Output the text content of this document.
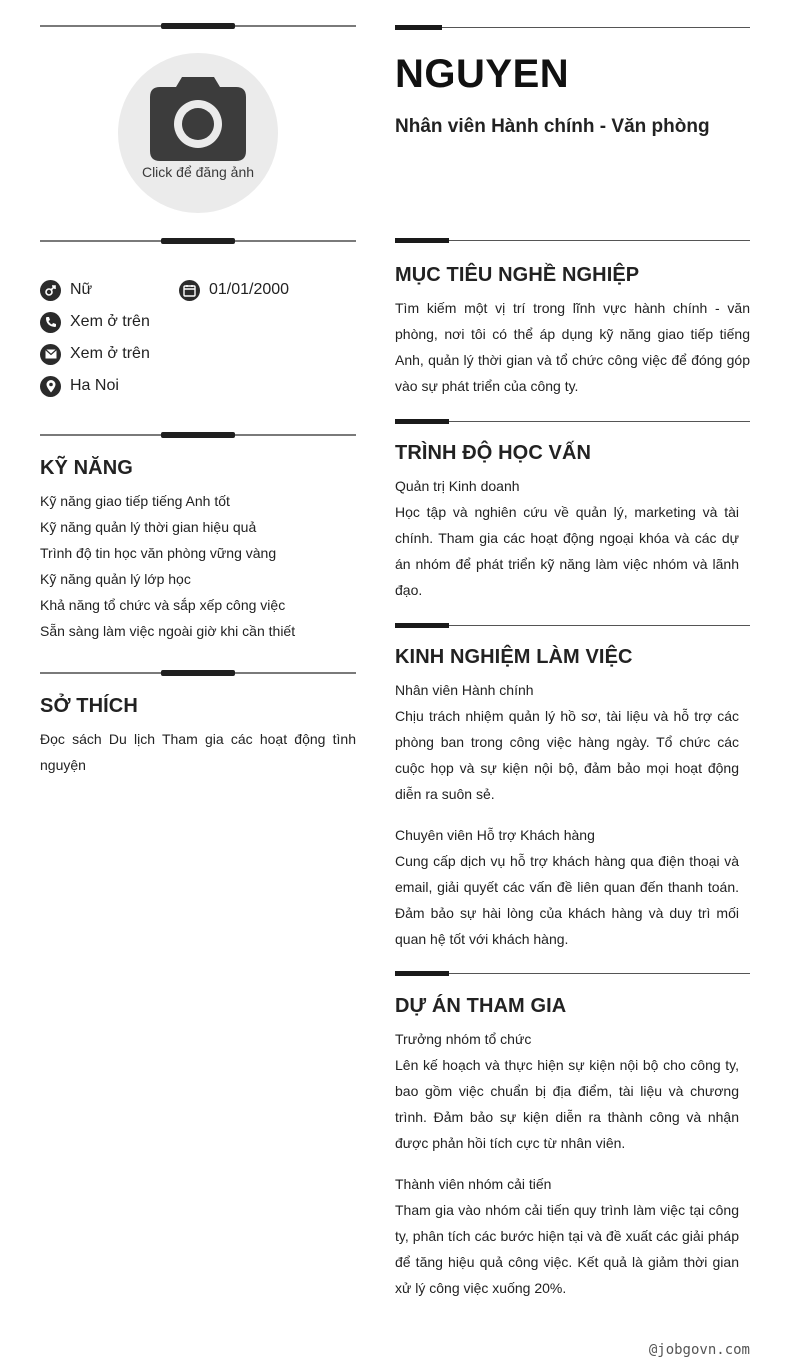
Click để đăng ảnh
Nữ	01/01/2000
Xem ở trên
Xem ở trên
Ha Noi
KỸ NĂNG
Kỹ năng giao tiếp tiếng Anh tốt
Kỹ năng quản lý thời gian hiệu quả
Trình độ tin học văn phòng vững vàng
Kỹ năng quản lý lớp học
Khả năng tổ chức và sắp xếp công việc
Sẵn sàng làm việc ngoài giờ khi cần thiết
SỞ THÍCH
Đọc sách Du lịch Tham gia các hoạt động tình nguyện
NGUYEN
Nhân viên Hành chính - Văn phòng
MỤC TIÊU NGHỀ NGHIỆP
Tìm kiếm một vị trí trong lĩnh vực hành chính - văn phòng, nơi tôi có thể áp dụng kỹ năng giao tiếp tiếng Anh, quản lý thời gian và tổ chức công việc để đóng góp vào sự phát triển của công ty.
TRÌNH ĐỘ HỌC VẤN
Quản trị Kinh doanh
Học tập và nghiên cứu về quản lý, marketing và tài chính. Tham gia các hoạt động ngoại khóa và các dự án nhóm để phát triển kỹ năng làm việc nhóm và lãnh đạo.
KINH NGHIỆM LÀM VIỆC
Nhân viên Hành chính
Chịu trách nhiệm quản lý hồ sơ, tài liệu và hỗ trợ các phòng ban trong công việc hàng ngày. Tổ chức các cuộc họp và sự kiện nội bộ, đảm bảo mọi hoạt động diễn ra suôn sẻ.
Chuyên viên Hỗ trợ Khách hàng
Cung cấp dịch vụ hỗ trợ khách hàng qua điện thoại và email, giải quyết các vấn đề liên quan đến thanh toán. Đảm bảo sự hài lòng của khách hàng và duy trì mối quan hệ tốt với khách hàng.
DỰ ÁN THAM GIA
Trưởng nhóm tổ chức
Lên kế hoạch và thực hiện sự kiện nội bộ cho công ty, bao gồm việc chuẩn bị địa điểm, tài liệu và chương trình. Đảm bảo sự kiện diễn ra thành công và nhận được phản hồi tích cực từ nhân viên.
Thành viên nhóm cải tiến
Tham gia vào nhóm cải tiến quy trình làm việc tại công ty, phân tích các bước hiện tại và đề xuất các giải pháp để tăng hiệu quả công việc. Kết quả là giảm thời gian xử lý công việc xuống 20%.
@jobgovn.com
